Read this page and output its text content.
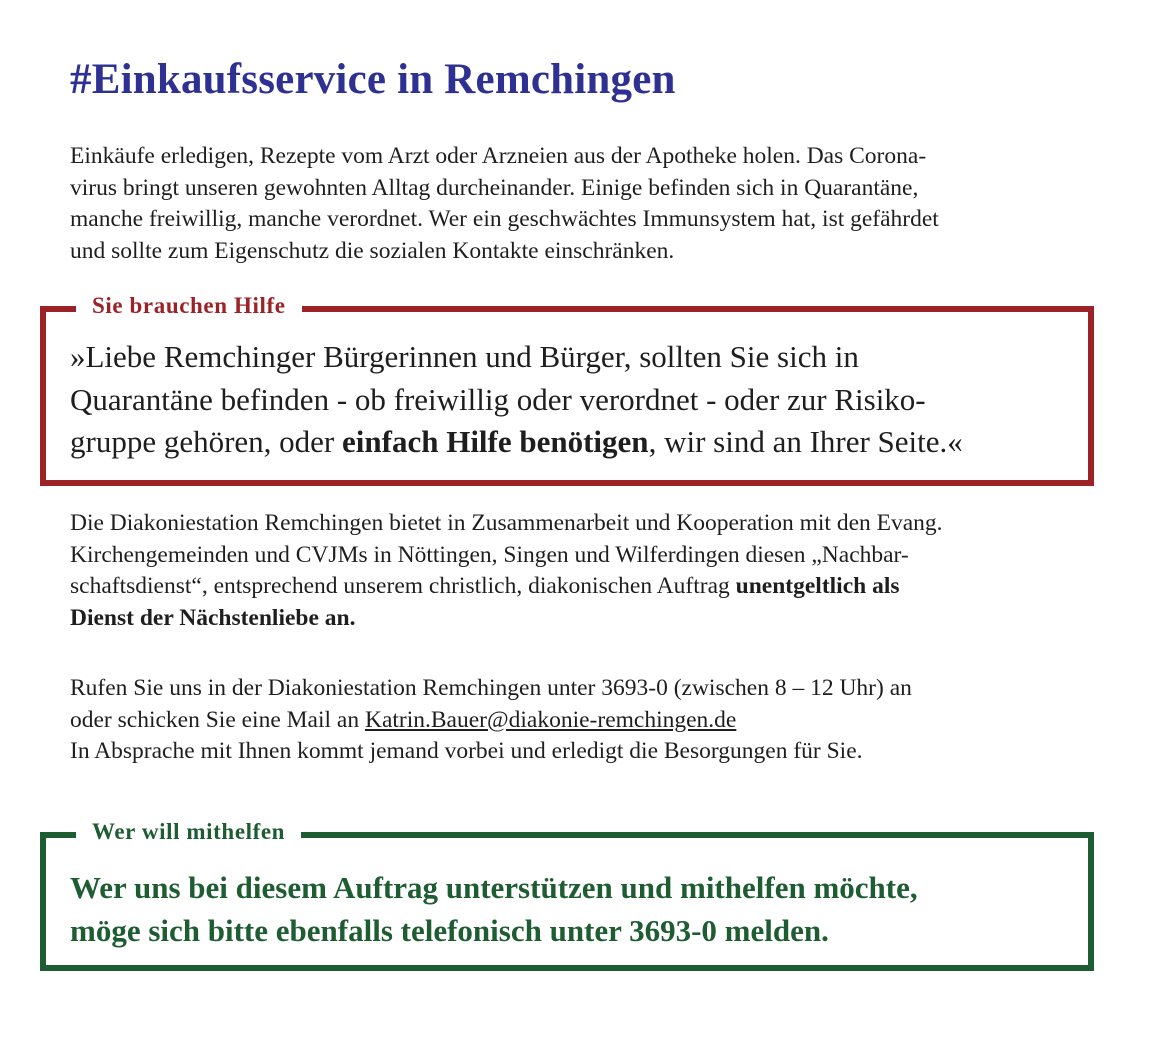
#Einkaufsservice in Remchingen
Einkäufe erledigen, Rezepte vom Arzt oder Arzneien aus der Apotheke holen. Das Corona-
virus bringt unseren gewohnten Alltag durcheinander. Einige befinden sich in Quarantäne,
manche freiwillig, manche verordnet. Wer ein geschwächtes Immunsystem hat, ist gefährdet
und sollte zum Eigenschutz die sozialen Kontakte einschränken.
Sie brauchen Hilfe

»Liebe Remchinger Bürgerinnen und Bürger, sollten Sie sich in
Quarantäne befinden - ob freiwillig oder verordnet - oder zur Risiko-
gruppe gehören, oder einfach Hilfe benötigen, wir sind an Ihrer Seite.«

Die Diakoniestation Remchingen bietet in Zusammenarbeit und Kooperation mit den Evang.
Kirchengemeinden und CVJMs in Nöttingen, Singen und Wilferdingen diesen „Nachbar-
schaftsdienst“, entsprechend unserem christlich, diakonischen Auftrag unentgeltlich als
Dienst der Nächstenliebe an.
Rufen Sie uns in der Diakoniestation Remchingen unter 3693-0 (zwischen 8 – 12 Uhr) an
oder schicken Sie eine Mail an Katrin.Bauer@diakonie-remchingen.de
In Absprache mit Ihnen kommt jemand vorbei und erledigt die Besorgungen für Sie.
Wer will mithelfen

Wer uns bei diesem Auftrag unterstützen und mithelfen möchte,
möge sich bitte ebenfalls telefonisch unter 3693-0 melden.
